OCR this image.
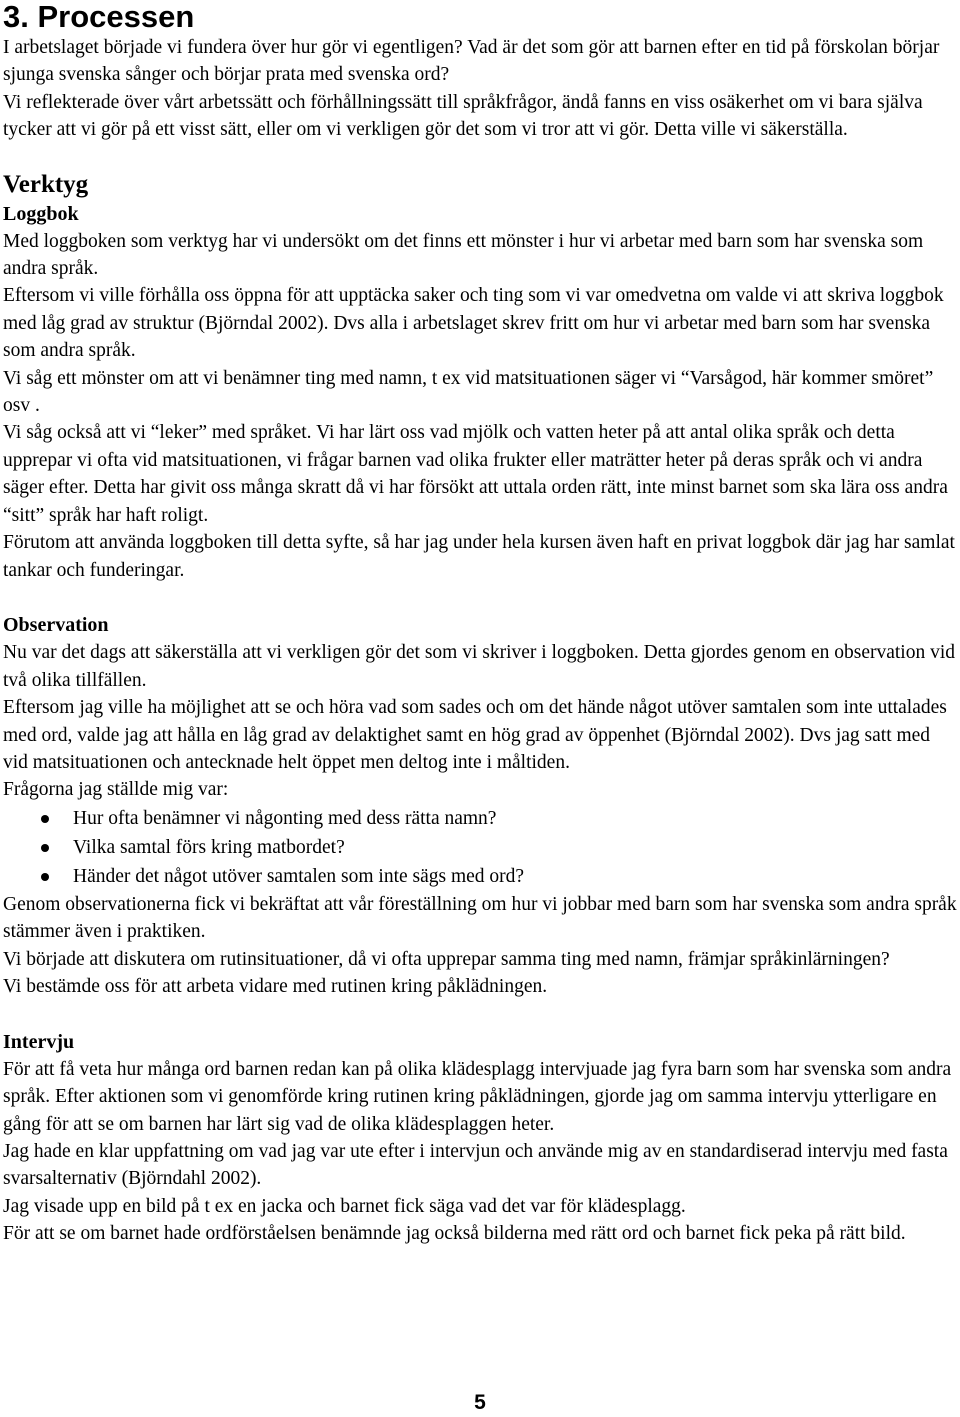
3. Processen

I arbetslaget började vi fundera över hur gör vi egentligen? Vad är det som gör att barnen efter en tid på förskolan börjar sjunga svenska sånger och börjar prata med svenska ord?

Vi reflekterade över vårt arbetssätt och förhållningssätt till språkfrågor, ändå fanns en viss osäkerhet om vi bara själva tycker att vi gör på ett visst sätt, eller om vi verkligen gör det som vi tror att vi gör. Detta ville vi säkerställa.

Verktyg
Loggbok

Med loggboken som verktyg har vi undersökt om det finns ett mönster i hur vi arbetar med barn som har svenska som andra språk.

Eftersom vi ville förhålla oss öppna för att upptäcka saker och ting som vi var omedvetna om valde vi att skriva loggbok med låg grad av struktur (Björndal 2002). Dvs alla i arbetslaget skrev fritt om hur vi arbetar med barn som har svenska som andra språk.

Vi såg ett mönster om att vi benämner ting med namn, t ex vid matsituationen säger vi “Varsågod, här kommer smöret” osv .

Vi såg också att vi “leker” med språket. Vi har lärt oss vad mjölk och vatten heter på att antal olika språk och detta upprepar vi ofta vid matsituationen, vi frågar barnen vad olika frukter eller maträtter heter på deras språk och vi andra säger efter. Detta har givit oss många skratt då vi har försökt att uttala orden rätt, inte minst barnet som ska lära oss andra “sitt” språk har haft roligt.

Förutom att använda loggboken till detta syfte, så har jag under hela kursen även haft en privat loggbok där jag har samlat tankar och funderingar.

Observation

Nu var det dags att säkerställa att vi verkligen gör det som vi skriver i loggboken. Detta gjordes genom en observation vid två olika tillfällen.

Eftersom jag ville ha möjlighet att se och höra vad som sades och om det hände något utöver samtalen som inte uttalades med ord, valde jag att hålla en låg grad av delaktighet samt en hög grad av öppenhet (Björndal 2002). Dvs jag satt med vid matsituationen och antecknade helt öppet men deltog inte i måltiden.

Frågorna jag ställde mig var:

Hur ofta benämner vi någonting med dess rätta namn?
Vilka samtal förs kring matbordet?
Händer det något utöver samtalen som inte sägs med ord?

Genom observationerna fick vi bekräftat att vår föreställning om hur vi jobbar med barn som har svenska som andra språk stämmer även i praktiken.

Vi började att diskutera om rutinsituationer, då vi ofta upprepar samma ting med namn, främjar språkinlärningen?

Vi bestämde oss för att arbeta vidare med rutinen kring påklädningen.

Intervju

För att få veta hur många ord barnen redan kan på olika klädesplagg intervjuade jag fyra barn som har svenska som andra språk. Efter aktionen som vi genomförde kring rutinen kring påklädningen, gjorde jag om samma intervju ytterligare en gång för att se om barnen har lärt sig vad de olika klädesplaggen heter.

Jag hade en klar uppfattning om vad jag var ute efter i intervjun och använde mig av en standardiserad intervju med fasta svarsalternativ (Björndahl 2002).

Jag visade upp en bild på t ex en jacka och barnet fick säga vad det var för klädesplagg.

För att se om barnet hade ordförståelsen benämnde jag också bilderna med rätt ord och barnet fick peka på rätt bild.

5
